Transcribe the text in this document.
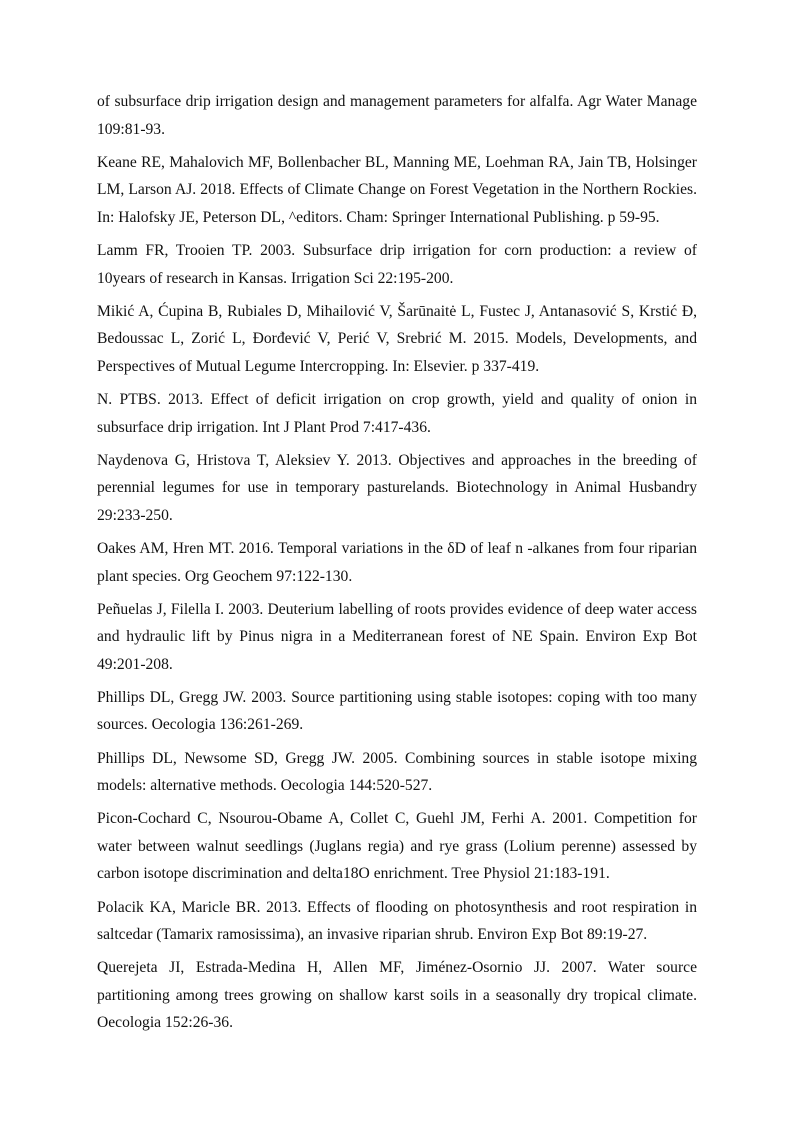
of subsurface drip irrigation design and management parameters for alfalfa. Agr Water Manage 109:81-93.

Keane RE, Mahalovich MF, Bollenbacher BL, Manning ME, Loehman RA, Jain TB, Holsinger LM, Larson AJ. 2018. Effects of Climate Change on Forest Vegetation in the Northern Rockies. In: Halofsky JE, Peterson DL, ^editors. Cham: Springer International Publishing. p 59-95.

Lamm FR, Trooien TP. 2003. Subsurface drip irrigation for corn production: a review of 10years of research in Kansas. Irrigation Sci 22:195-200.

Mikić A, Ćupina B, Rubiales D, Mihailović V, Šarūnaitė L, Fustec J, Antanasović S, Krstić Đ, Bedoussac L, Zorić L, Đorđević V, Perić V, Srebrić M. 2015. Models, Developments, and Perspectives of Mutual Legume Intercropping. In: Elsevier. p 337-419.

N. PTBS. 2013. Effect of deficit irrigation on crop growth, yield and quality of onion in subsurface drip irrigation. Int J Plant Prod 7:417-436.

Naydenova G, Hristova T, Aleksiev Y. 2013. Objectives and approaches in the breeding of perennial legumes for use in temporary pasturelands. Biotechnology in Animal Husbandry 29:233-250.

Oakes AM, Hren MT. 2016. Temporal variations in the δD of leaf n -alkanes from four riparian plant species. Org Geochem 97:122-130.

Peñuelas J, Filella I. 2003. Deuterium labelling of roots provides evidence of deep water access and hydraulic lift by Pinus nigra in a Mediterranean forest of NE Spain. Environ Exp Bot 49:201-208.

Phillips DL, Gregg JW. 2003. Source partitioning using stable isotopes: coping with too many sources. Oecologia 136:261-269.

Phillips DL, Newsome SD, Gregg JW. 2005. Combining sources in stable isotope mixing models: alternative methods. Oecologia 144:520-527.

Picon-Cochard C, Nsourou-Obame A, Collet C, Guehl JM, Ferhi A. 2001. Competition for water between walnut seedlings (Juglans regia) and rye grass (Lolium perenne) assessed by carbon isotope discrimination and delta18O enrichment. Tree Physiol 21:183-191.

Polacik KA, Maricle BR. 2013. Effects of flooding on photosynthesis and root respiration in saltcedar (Tamarix ramosissima), an invasive riparian shrub. Environ Exp Bot 89:19-27.

Querejeta JI, Estrada-Medina H, Allen MF, Jiménez-Osornio JJ. 2007. Water source partitioning among trees growing on shallow karst soils in a seasonally dry tropical climate. Oecologia 152:26-36.
